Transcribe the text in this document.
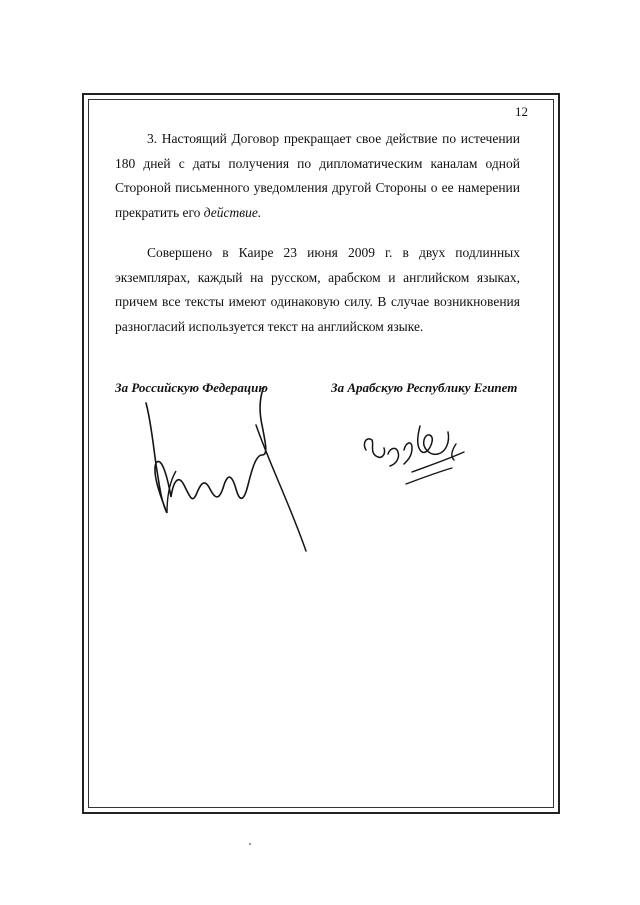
12

3. Настоящий Договор прекращает свое действие по истечении 180 дней с даты получения по дипломатическим каналам одной Стороной письменного уведомления другой Стороны о ее намерении прекратить его действие.

Совершено в Каире 23 июня 2009 г. в двух подлинных экземплярах, каждый на русском, арабском и английском языках, причем все тексты имеют одинаковую силу. В случае возникновения разногласий используется текст на английском языке.

За Российскую Федерацию	За Арабскую Республику Египет
